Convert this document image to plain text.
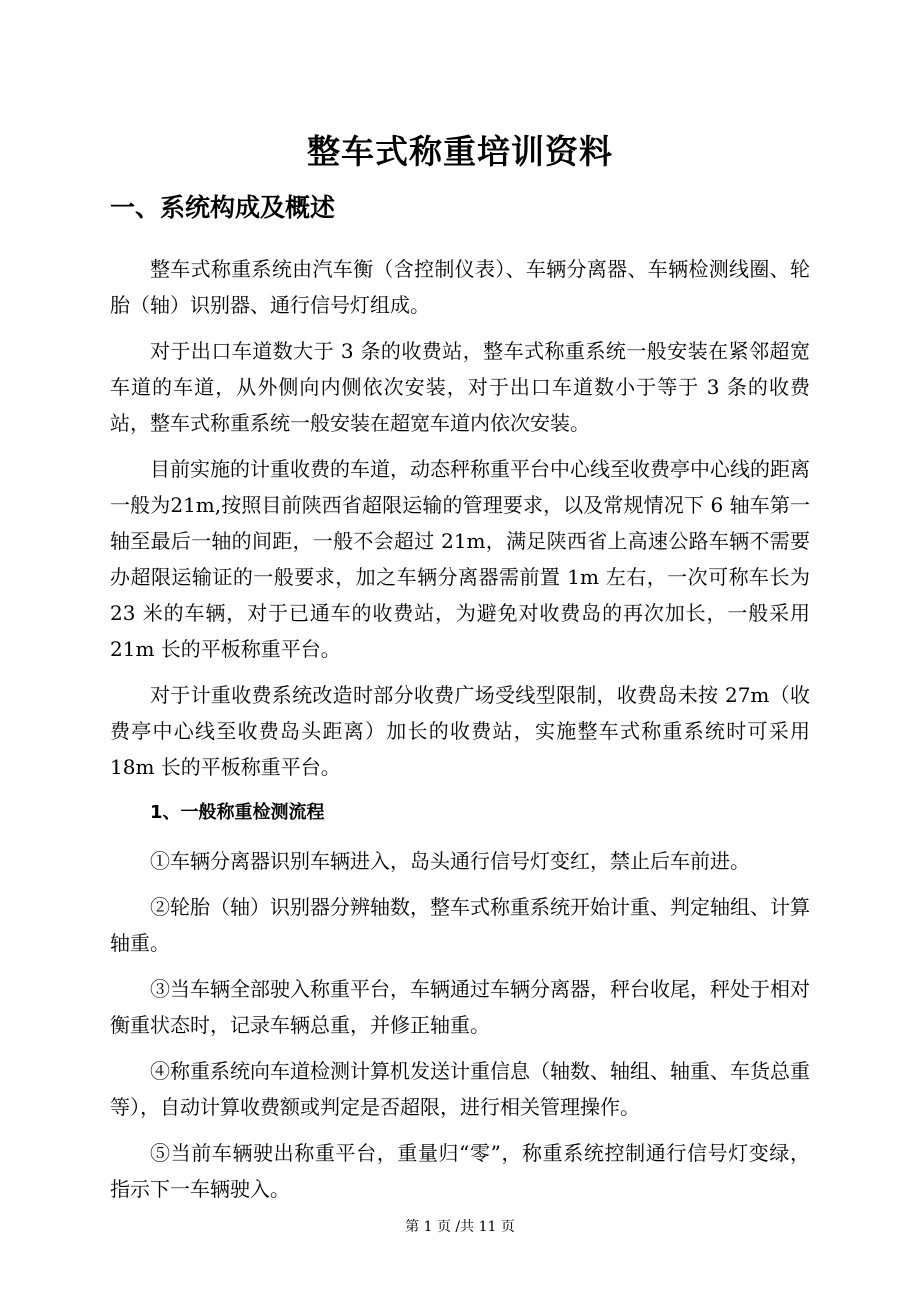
整车式称重培训资料
一、系统构成及概述

整车式称重系统由汽车衡（含控制仪表）、车辆分离器、车辆检测线圈、轮胎（轴）识别器、通行信号灯组成。

对于出口车道数大于 3 条的收费站，整车式称重系统一般安装在紧邻超宽车道的车道，从外侧向内侧依次安装，对于出口车道数小于等于 3 条的收费站，整车式称重系统一般安装在超宽车道内依次安装。

目前实施的计重收费的车道，动态秤称重平台中心线至收费亭中心线的距离一般为21m,按照目前陕西省超限运输的管理要求，以及常规情况下 6 轴车第一轴至最后一轴的间距，一般不会超过 21m，满足陕西省上高速公路车辆不需要办超限运输证的一般要求，加之车辆分离器需前置 1m 左右，一次可称车长为 23 米的车辆，对于已通车的收费站，为避免对收费岛的再次加长，一般采用 21m 长的平板称重平台。

对于计重收费系统改造时部分收费广场受线型限制，收费岛未按 27m（收费亭中心线至收费岛头距离）加长的收费站，实施整车式称重系统时可采用 18m 长的平板称重平台。

1、一般称重检测流程

①车辆分离器识别车辆进入，岛头通行信号灯变红，禁止后车前进。

②轮胎（轴）识别器分辨轴数，整车式称重系统开始计重、判定轴组、计算轴重。

③当车辆全部驶入称重平台，车辆通过车辆分离器，秤台收尾，秤处于相对衡重状态时，记录车辆总重，并修正轴重。

④称重系统向车道检测计算机发送计重信息（轴数、轴组、轴重、车货总重等），自动计算收费额或判定是否超限，进行相关管理操作。

⑤当前车辆驶出称重平台，重量归“零”，称重系统控制通行信号灯变绿，指示下一车辆驶入。

第 1 页 /共 11 页
